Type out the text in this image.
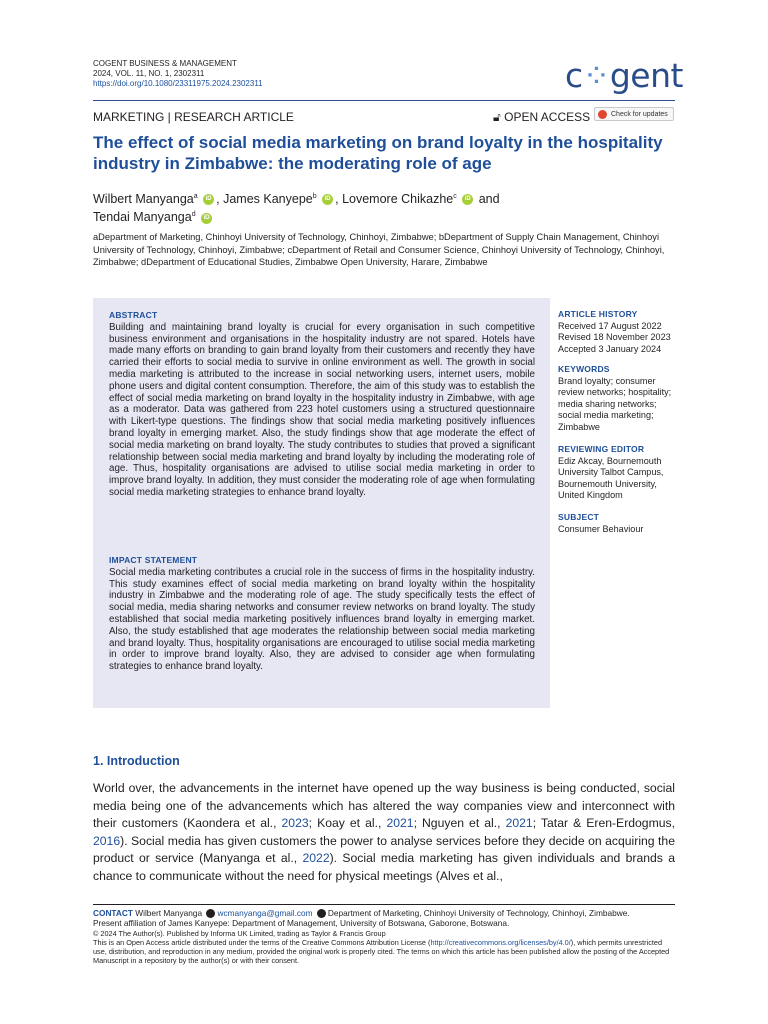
COGENT BUSINESS & MANAGEMENT
2024, VOL. 11, NO. 1, 2302311
https://doi.org/10.1080/23311975.2024.2302311	c⁘gent
MARKETING | RESEARCH ARTICLE	🔓︎ OPEN ACCESS	Check for updates
The effect of social media marketing on brand loyalty in the hospitality industry in Zimbabwe: the moderating role of age
Wilbert Manyanga$^a$ iD , James Kanyepe$^b$ iD , Lovemore Chikazhe$^c$ iD and
Tendai Manyanga$^d$ iD
aDepartment of Marketing, Chinhoyi University of Technology, Chinhoyi, Zimbabwe; bDepartment of Supply Chain Management, Chinhoyi University of Technology, Chinhoyi, Zimbabwe; cDepartment of Retail and Consumer Science, Chinhoyi University of Technology, Chinhoyi, Zimbabwe; dDepartment of Educational Studies, Zimbabwe Open University, Harare, Zimbabwe
ABSTRACT
Building and maintaining brand loyalty is crucial for every organisation in such competitive business environment and organisations in the hospitality industry are not spared. Hotels have made many efforts on branding to gain brand loyalty from their customers and recently they have carried their efforts to social media to survive in online environment as well. The growth in social media marketing is attributed to the increase in social networking users, internet users, mobile phone users and digital content consumption. Therefore, the aim of this study was to establish the effect of social media marketing on brand loyalty in the hospitality industry in Zimbabwe, with age as a moderator. Data was gathered from 223 hotel customers using a structured questionnaire with Likert-type questions. The findings show that social media marketing positively influences brand loyalty in emerging market. Also, the study findings show that age moderate the effect of social media marketing on brand loyalty. The study contributes to studies that proved a significant relationship between social media marketing and brand loyalty by including the moderating role of age. Thus, hospitality organisations are advised to utilise social media marketing in order to improve brand loyalty. In addition, they must consider the moderating role of age when formulating social media marketing strategies to enhance brand loyalty.
IMPACT STATEMENT
Social media marketing contributes a crucial role in the success of firms in the hospitality industry. This study examines effect of social media marketing on brand loyalty within the hospitality industry in Zimbabwe and the moderating role of age. The study specifically tests the effect of social media, media sharing networks and consumer review networks on brand loyalty. The study established that social media marketing positively influences brand loyalty in emerging market. Also, the study established that age moderates the relationship between social media marketing and brand loyalty. Thus, hospitality organisations are encouraged to utilise social media marketing in order to improve brand loyalty. Also, they are advised to consider age when formulating strategies to enhance brand loyalty.
ARTICLE HISTORY
Received 17 August 2022
Revised 18 November 2023
Accepted 3 January 2024
KEYWORDS
Brand loyalty; consumer review networks; hospitality; media sharing networks; social media marketing; Zimbabwe
REVIEWING EDITOR
Ediz Akcay, Bournemouth University Talbot Campus, Bournemouth University, United Kingdom
SUBJECT
Consumer Behaviour
1. Introduction
World over, the advancements in the internet have opened up the way business is being conducted, social media being one of the advancements which has altered the way companies view and interconnect with their customers (Kaondera et al., 2023; Koay et al., 2021; Nguyen et al., 2021; Tatar & Eren-Erdogmus, 2016). Social media has given customers the power to analyse services before they decide on acquiring the product or service (Manyanga et al., 2022). Social media marketing has given individuals and brands a chance to communicate without the need for physical meetings (Alves et al.,
CONTACT Wilbert Manyanga wcmanyanga@gmail.com Department of Marketing, Chinhoyi University of Technology, Chinhoyi, Zimbabwe.
Present affiliation of James Kanyepe: Department of Management, University of Botswana, Gaborone, Botswana.
© 2024 The Author(s). Published by Informa UK Limited, trading as Taylor & Francis Group
This is an Open Access article distributed under the terms of the Creative Commons Attribution License (http://creativecommons.org/licenses/by/4.0/), which permits unrestricted use, distribution, and reproduction in any medium, provided the original work is properly cited. The terms on which this article has been published allow the posting of the Accepted Manuscript in a repository by the author(s) or with their consent.
